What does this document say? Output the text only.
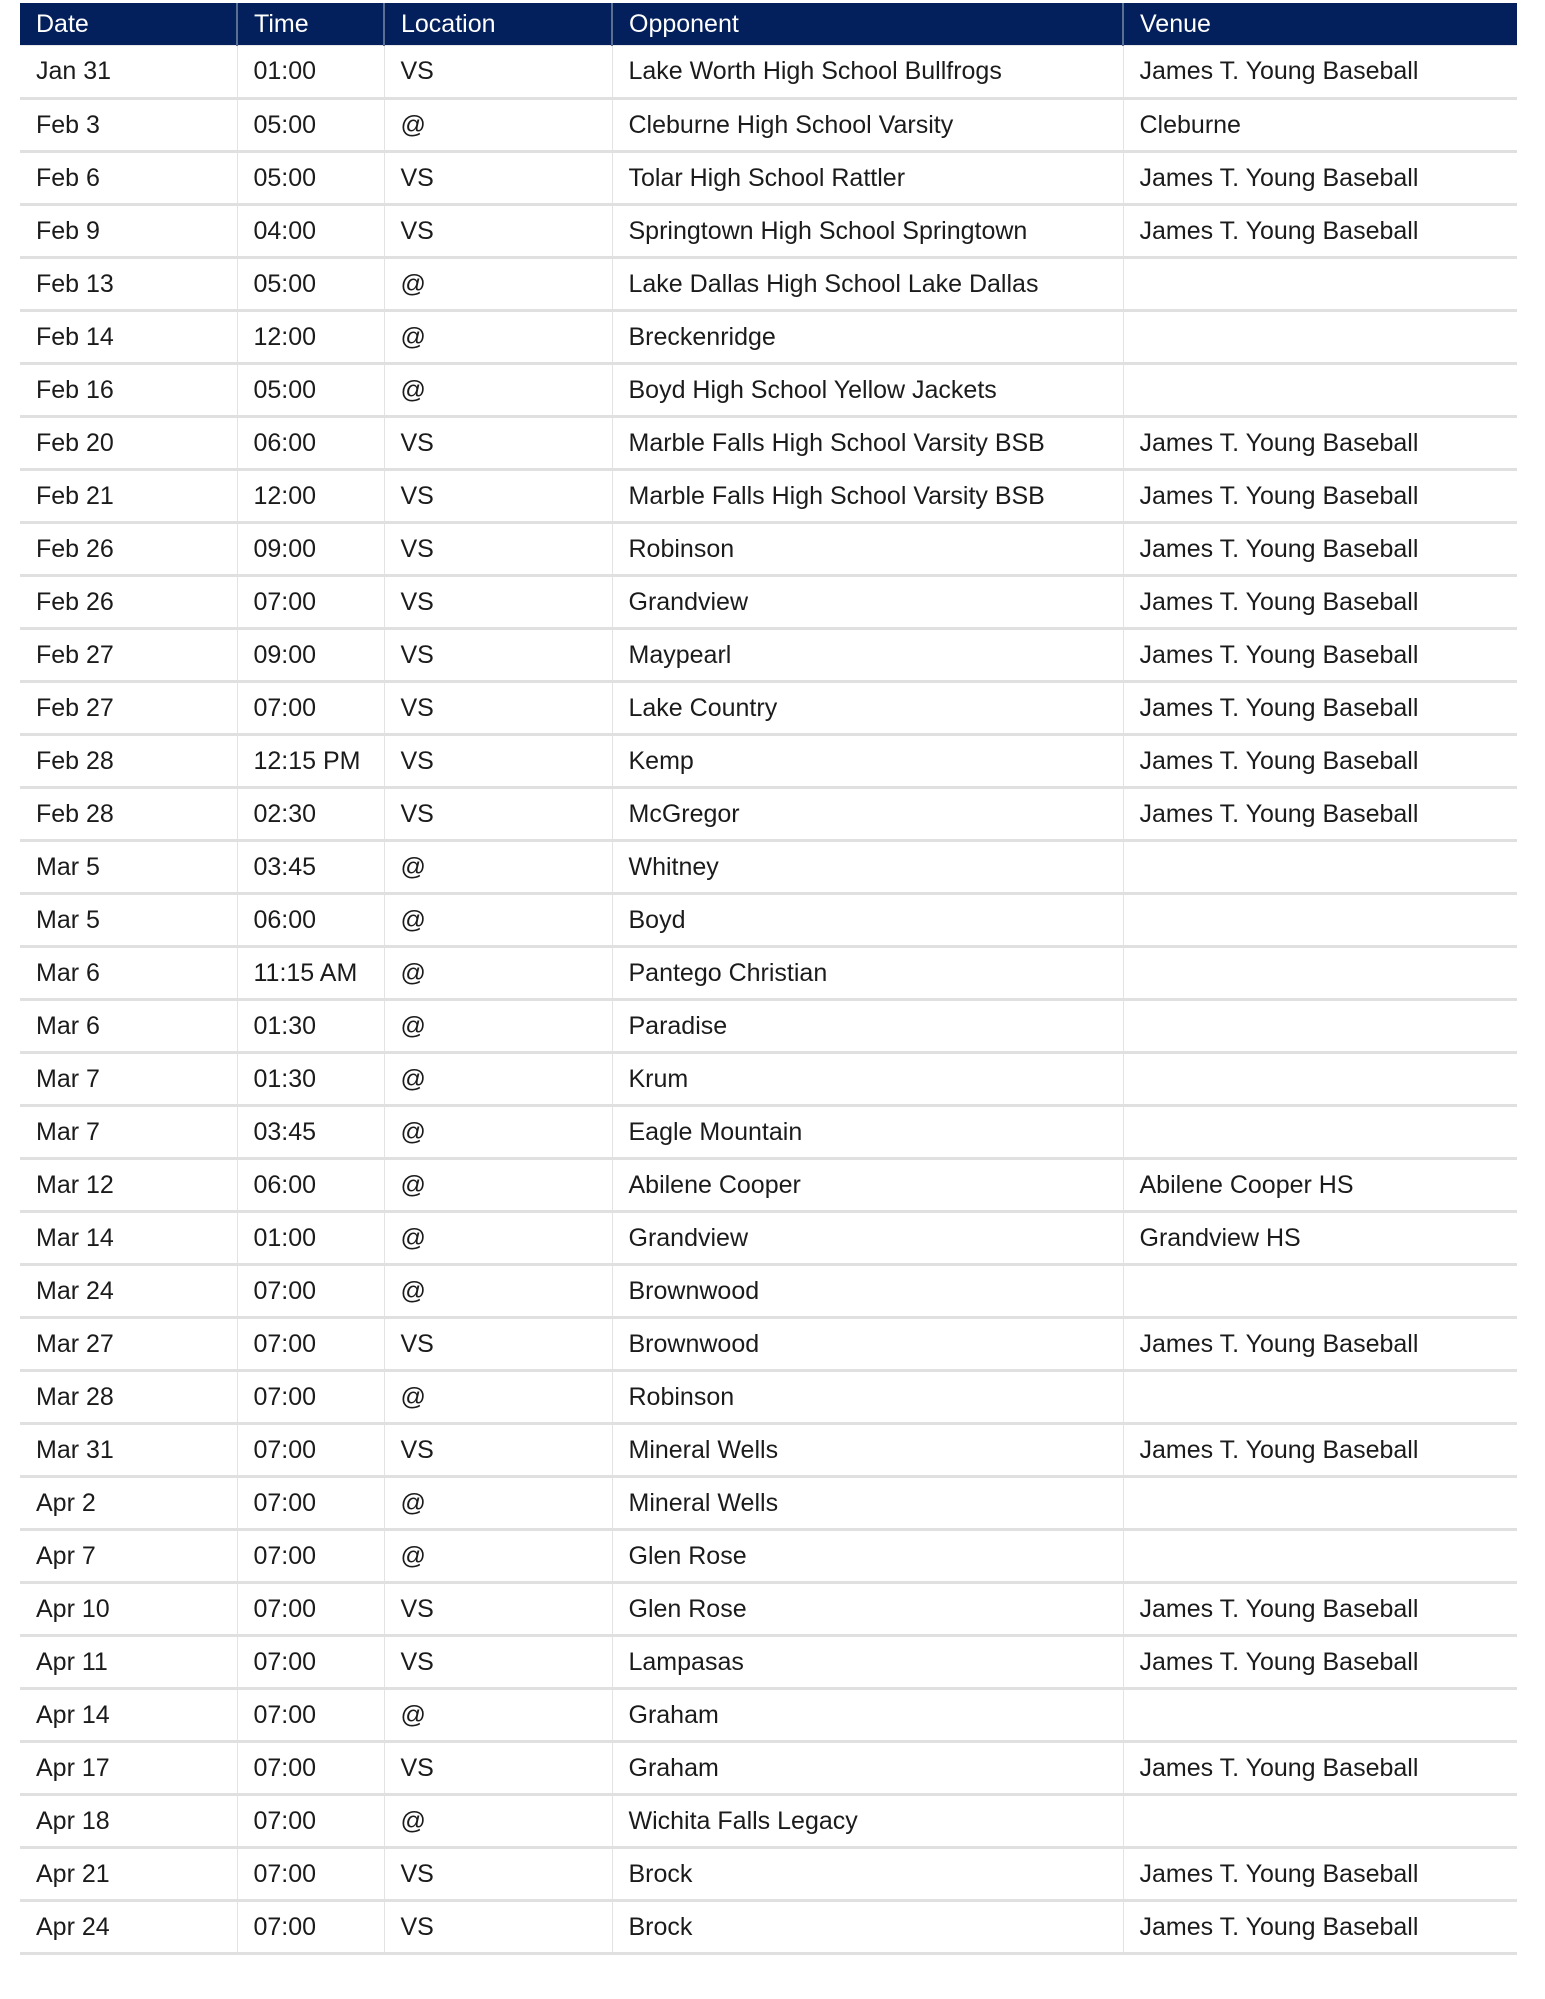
Date	Time	Location	Opponent	Venue
Jan 31	01:00	VS	Lake Worth High School Bullfrogs	James T. Young Baseball
Feb 3	05:00	@	Cleburne High School Varsity	Cleburne
Feb 6	05:00	VS	Tolar High School Rattler	James T. Young Baseball
Feb 9	04:00	VS	Springtown High School Springtown	James T. Young Baseball
Feb 13	05:00	@	Lake Dallas High School Lake Dallas	
Feb 14	12:00	@	Breckenridge	
Feb 16	05:00	@	Boyd High School Yellow Jackets	
Feb 20	06:00	VS	Marble Falls High School Varsity BSB	James T. Young Baseball
Feb 21	12:00	VS	Marble Falls High School Varsity BSB	James T. Young Baseball
Feb 26	09:00	VS	Robinson	James T. Young Baseball
Feb 26	07:00	VS	Grandview	James T. Young Baseball
Feb 27	09:00	VS	Maypearl	James T. Young Baseball
Feb 27	07:00	VS	Lake Country	James T. Young Baseball
Feb 28	12:15 PM	VS	Kemp	James T. Young Baseball
Feb 28	02:30	VS	McGregor	James T. Young Baseball
Mar 5	03:45	@	Whitney	
Mar 5	06:00	@	Boyd	
Mar 6	11:15 AM	@	Pantego Christian	
Mar 6	01:30	@	Paradise	
Mar 7	01:30	@	Krum	
Mar 7	03:45	@	Eagle Mountain	
Mar 12	06:00	@	Abilene Cooper	Abilene Cooper HS
Mar 14	01:00	@	Grandview	Grandview HS
Mar 24	07:00	@	Brownwood	
Mar 27	07:00	VS	Brownwood	James T. Young Baseball
Mar 28	07:00	@	Robinson	
Mar 31	07:00	VS	Mineral Wells	James T. Young Baseball
Apr 2	07:00	@	Mineral Wells	
Apr 7	07:00	@	Glen Rose	
Apr 10	07:00	VS	Glen Rose	James T. Young Baseball
Apr 11	07:00	VS	Lampasas	James T. Young Baseball
Apr 14	07:00	@	Graham	
Apr 17	07:00	VS	Graham	James T. Young Baseball
Apr 18	07:00	@	Wichita Falls Legacy	
Apr 21	07:00	VS	Brock	James T. Young Baseball
Apr 24	07:00	VS	Brock	James T. Young Baseball
